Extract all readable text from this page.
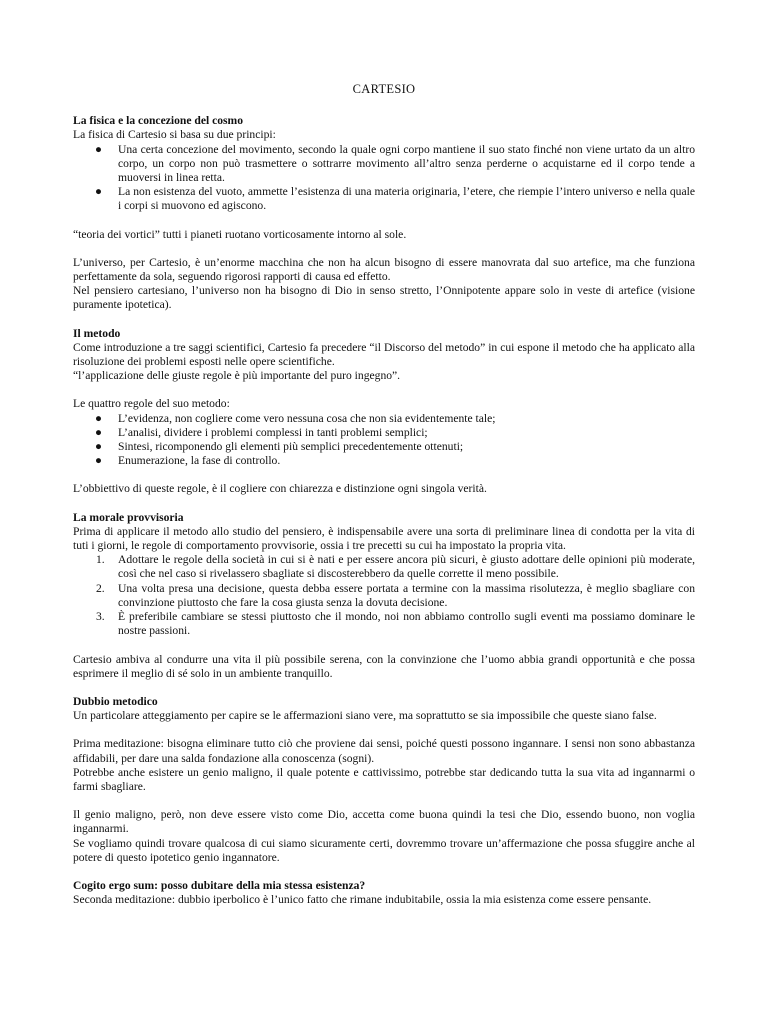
CARTESIO
La fisica e la concezione del cosmo

La fisica di Cartesio si basa su due principi:

● Una certa concezione del movimento, secondo la quale ogni corpo mantiene il suo stato finché non viene urtato da un altro corpo, un corpo non può trasmettere o sottrarre movimento all’altro senza perderne o acquistarne ed il corpo tende a muoversi in linea retta.
● La non esistenza del vuoto, ammette l’esistenza di una materia originaria, l’etere, che riempie l’intero universo e nella quale i corpi si muovono ed agiscono.

“teoria dei vortici” tutti i pianeti ruotano vorticosamente intorno al sole.

L’universo, per Cartesio, è un’enorme macchina che non ha alcun bisogno di essere manovrata dal suo artefice, ma che funziona perfettamente da sola, seguendo rigorosi rapporti di causa ed effetto.

Nel pensiero cartesiano, l’universo non ha bisogno di Dio in senso stretto, l’Onnipotente appare solo in veste di artefice (visione puramente ipotetica).

Il metodo

Come introduzione a tre saggi scientifici, Cartesio fa precedere “il Discorso del metodo” in cui espone il metodo che ha applicato alla risoluzione dei problemi esposti nelle opere scientifiche.

“l’applicazione delle giuste regole è più importante del puro ingegno”.

Le quattro regole del suo metodo:

● L’evidenza, non cogliere come vero nessuna cosa che non sia evidentemente tale;
● L’analisi, dividere i problemi complessi in tanti problemi semplici;
● Sintesi, ricomponendo gli elementi più semplici precedentemente ottenuti;
● Enumerazione, la fase di controllo.

L’obbiettivo di queste regole, è il cogliere con chiarezza e distinzione ogni singola verità.

La morale provvisoria

Prima di applicare il metodo allo studio del pensiero, è indispensabile avere una sorta di preliminare linea di condotta per la vita di tuti i giorni, le regole di comportamento provvisorie, ossia i tre precetti su cui ha impostato la propria vita.

1. Adottare le regole della società in cui si è nati e per essere ancora più sicuri, è giusto adottare delle opinioni più moderate, così che nel caso si rivelassero sbagliate si discosterebbero da quelle corrette il meno possibile.
2. Una volta presa una decisione, questa debba essere portata a termine con la massima risolutezza, è meglio sbagliare con convinzione piuttosto che fare la cosa giusta senza la dovuta decisione.
3. È preferibile cambiare se stessi piuttosto che il mondo, noi non abbiamo controllo sugli eventi ma possiamo dominare le nostre passioni.

Cartesio ambiva al condurre una vita il più possibile serena, con la convinzione che l’uomo abbia grandi opportunità e che possa esprimere il meglio di sé solo in un ambiente tranquillo.

Dubbio metodico

Un particolare atteggiamento per capire se le affermazioni siano vere, ma soprattutto se sia impossibile che queste siano false.

Prima meditazione: bisogna eliminare tutto ciò che proviene dai sensi, poiché questi possono ingannare. I sensi non sono abbastanza affidabili, per dare una salda fondazione alla conoscenza (sogni).

Potrebbe anche esistere un genio maligno, il quale potente e cattivissimo, potrebbe star dedicando tutta la sua vita ad ingannarmi o farmi sbagliare.

Il genio maligno, però, non deve essere visto come Dio, accetta come buona quindi la tesi che Dio, essendo buono, non voglia ingannarmi.

Se vogliamo quindi trovare qualcosa di cui siamo sicuramente certi, dovremmo trovare un’affermazione che possa sfuggire anche al potere di questo ipotetico genio ingannatore.

Cogito ergo sum: posso dubitare della mia stessa esistenza?

Seconda meditazione: dubbio iperbolico è l’unico fatto che rimane indubitabile, ossia la mia esistenza come essere pensante.
